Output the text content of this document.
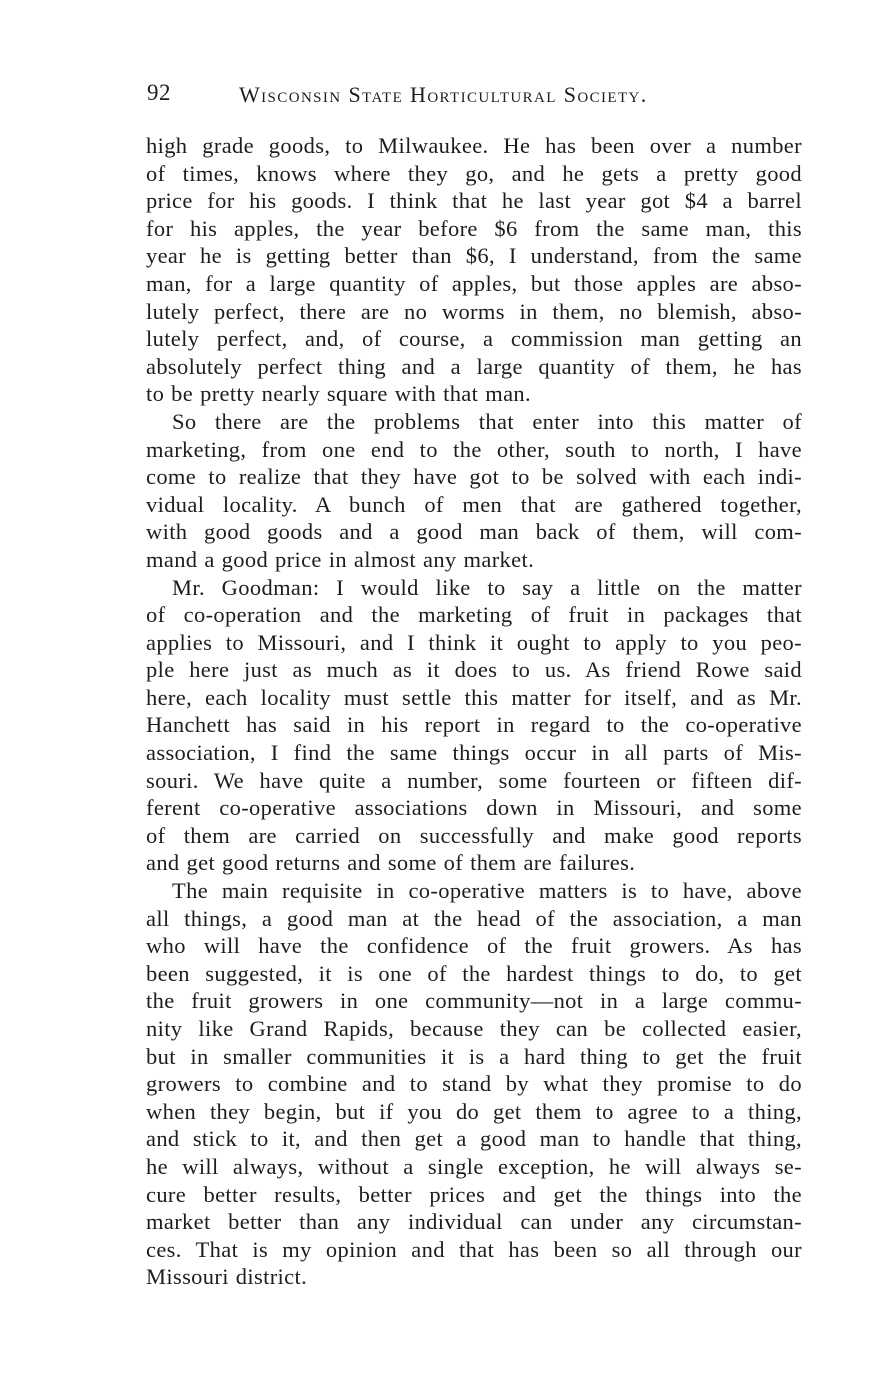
92	Wisconsin State Horticultural Society.
high grade goods, to Milwaukee. He has been over a number
of times, knows where they go, and he gets a pretty good
price for his goods. I think that he last year got $4 a barrel
for his apples, the year before $6 from the same man, this
year he is getting better than $6, I understand, from the same
man, for a large quantity of apples, but those apples are abso-
lutely perfect, there are no worms in them, no blemish, abso-
lutely perfect, and, of course, a commission man getting an
absolutely perfect thing and a large quantity of them, he has
to be pretty nearly square with that man.
So there are the problems that enter into this matter of
marketing, from one end to the other, south to north, I have
come to realize that they have got to be solved with each indi-
vidual locality. A bunch of men that are gathered together,
with good goods and a good man back of them, will com-
mand a good price in almost any market.
Mr. Goodman: I would like to say a little on the matter
of co-operation and the marketing of fruit in packages that
applies to Missouri, and I think it ought to apply to you peo-
ple here just as much as it does to us. As friend Rowe said
here, each locality must settle this matter for itself, and as Mr.
Hanchett has said in his report in regard to the co-operative
association, I find the same things occur in all parts of Mis-
souri. We have quite a number, some fourteen or fifteen dif-
ferent co-operative associations down in Missouri, and some
of them are carried on successfully and make good reports
and get good returns and some of them are failures.
The main requisite in co-operative matters is to have, above
all things, a good man at the head of the association, a man
who will have the confidence of the fruit growers. As has
been suggested, it is one of the hardest things to do, to get
the fruit growers in one community—not in a large commu-
nity like Grand Rapids, because they can be collected easier,
but in smaller communities it is a hard thing to get the fruit
growers to combine and to stand by what they promise to do
when they begin, but if you do get them to agree to a thing,
and stick to it, and then get a good man to handle that thing,
he will always, without a single exception, he will always se-
cure better results, better prices and get the things into the
market better than any individual can under any circumstan-
ces. That is my opinion and that has been so all through our
Missouri district.
